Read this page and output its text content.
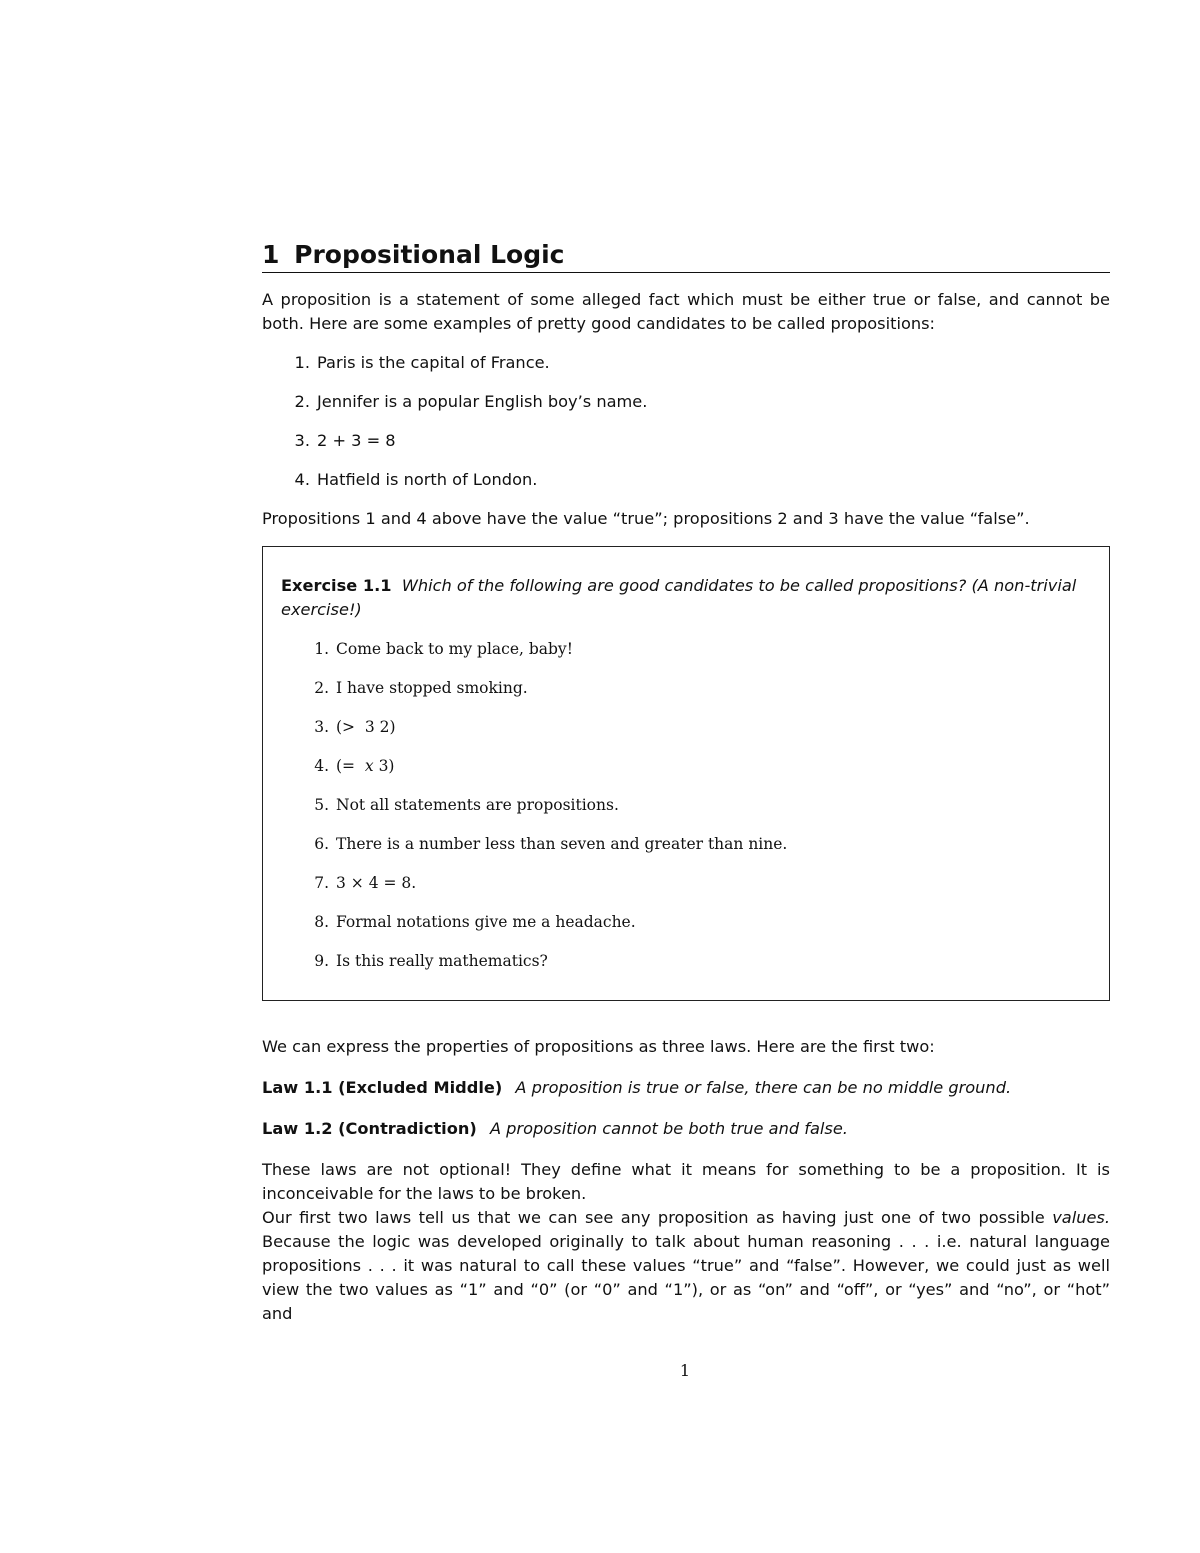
1 Propositional Logic

A proposition is a statement of some alleged fact which must be either true or false, and cannot be both. Here are some examples of pretty good candidates to be called propositions:

1. Paris is the capital of France.
2. Jennifer is a popular English boy’s name.
3. 2 + 3 = 8
4. Hatfield is north of London.

Propositions 1 and 4 above have the value “true”; propositions 2 and 3 have the value “false”.

Exercise 1.1 Which of the following are good candidates to be called propositions? (A non-trivial exercise!)

1. Come back to my place, baby!
2. I have stopped smoking.
3. (>  3 2)
4. (=  x 3)
5. Not all statements are propositions.
6. There is a number less than seven and greater than nine.
7. 3 × 4 = 8.
8. Formal notations give me a headache.
9. Is this really mathematics?

We can express the properties of propositions as three laws. Here are the first two:

Law 1.1 (Excluded Middle) A proposition is true or false, there can be no middle ground.

Law 1.2 (Contradiction) A proposition cannot be both true and false.

These laws are not optional! They define what it means for something to be a proposition. It is inconceivable for the laws to be broken.

Our first two laws tell us that we can see any proposition as having just one of two possible values. Because the logic was developed originally to talk about human reasoning . . . i.e. natural language propositions . . . it was natural to call these values “true” and “false”. However, we could just as well view the two values as “1” and “0” (or “0” and “1”), or as “on” and “off”, or “yes” and “no”, or “hot” and

1
